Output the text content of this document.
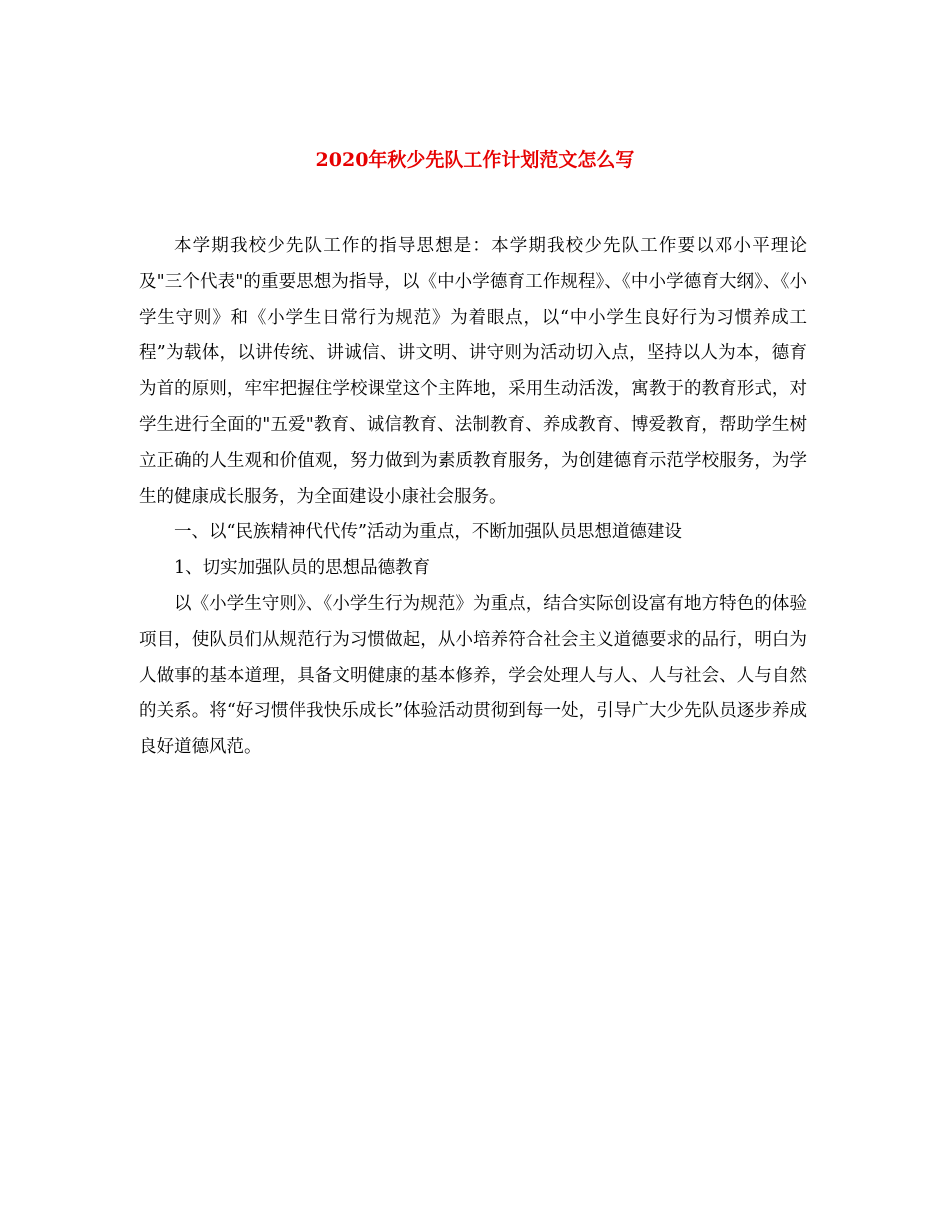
2020年秋少先队工作计划范文怎么写

本学期我校少先队工作的指导思想是：本学期我校少先队工作要以邓小平理论及"三个代表"的重要思想为指导，以《中小学德育工作规程》、《中小学德育大纲》、《小学生守则》和《小学生日常行为规范》为着眼点，以“中小学生良好行为习惯养成工程”为载体，以讲传统、讲诚信、讲文明、讲守则为活动切入点，坚持以人为本，德育为首的原则，牢牢把握住学校课堂这个主阵地，采用生动活泼，寓教于的教育形式，对学生进行全面的"五爱"教育、诚信教育、法制教育、养成教育、博爱教育，帮助学生树立正确的人生观和价值观，努力做到为素质教育服务，为创建德育示范学校服务，为学生的健康成长服务，为全面建设小康社会服务。

一、以“民族精神代代传”活动为重点，不断加强队员思想道德建设

1、切实加强队员的思想品德教育

以《小学生守则》、《小学生行为规范》为重点，结合实际创设富有地方特色的体验项目，使队员们从规范行为习惯做起，从小培养符合社会主义道德要求的品行，明白为人做事的基本道理，具备文明健康的基本修养，学会处理人与人、人与社会、人与自然的关系。将“好习惯伴我快乐成长”体验活动贯彻到每一处，引导广大少先队员逐步养成良好道德风范。
